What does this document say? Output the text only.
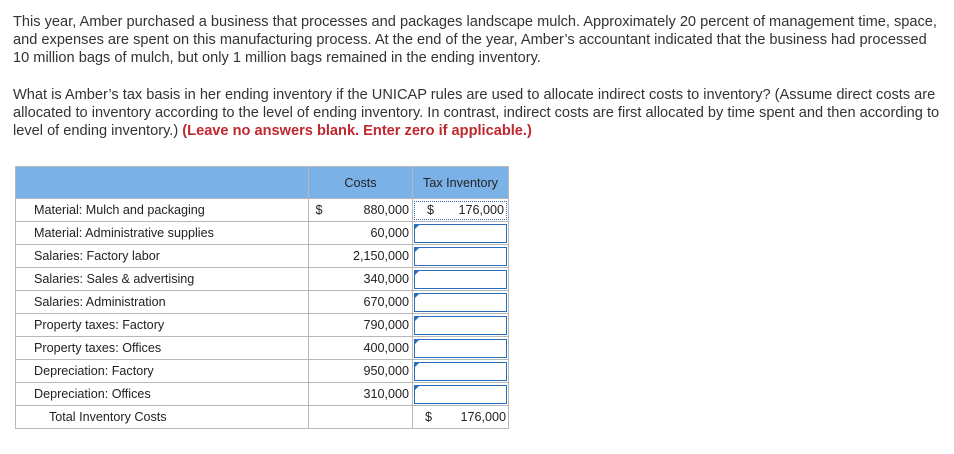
This year, Amber purchased a business that processes and packages landscape mulch. Approximately 20 percent of management time, space, and expenses are spent on this manufacturing process. At the end of the year, Amber’s accountant indicated that the business had processed 10 million bags of mulch, but only 1 million bags remained in the ending inventory.

What is Amber’s tax basis in her ending inventory if the UNICAP rules are used to allocate indirect costs to inventory? (Assume direct costs are allocated to inventory according to the level of ending inventory. In contrast, indirect costs are first allocated by time spent and then according to level of ending inventory.) (Leave no answers blank. Enter zero if applicable.)

	Costs		Tax Inventory
Material: Mulch and packaging	$	880,000	$ 176,000

Material: Administrative supplies		60,000	

Salaries: Factory labor		2,150,000	

Salaries: Sales & advertising		340,000	

Salaries: Administration		670,000	

Property taxes: Factory		790,000	

Property taxes: Offices		400,000	

Depreciation: Factory		950,000	

Depreciation: Offices		310,000	

Total Inventory Costs			$ 176,000
